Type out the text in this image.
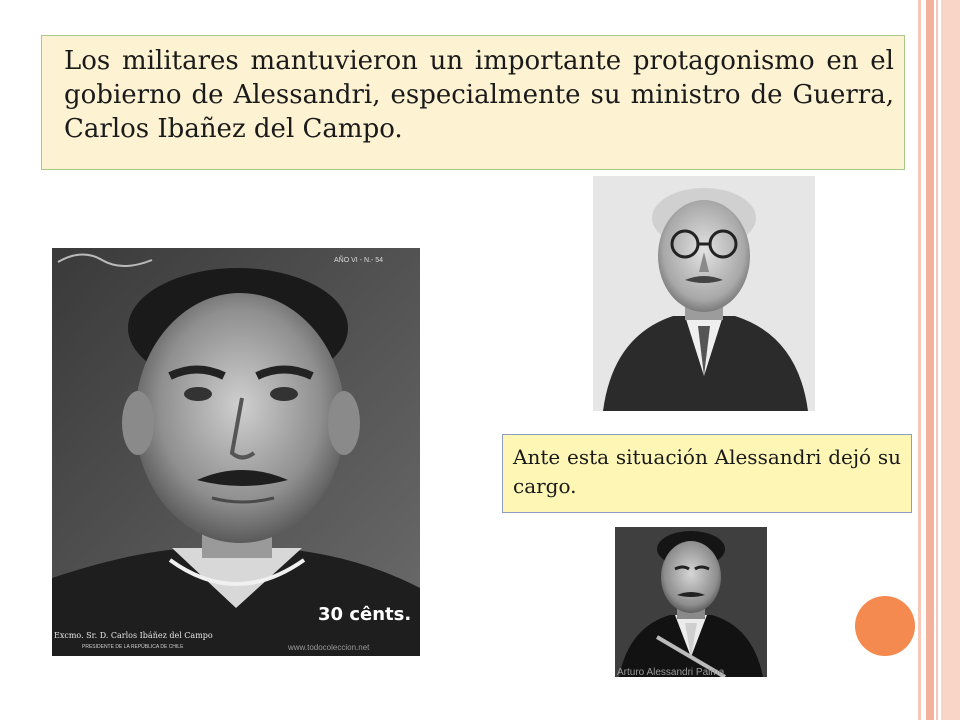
Los militares mantuvieron un importante protagonismo en el gobierno de Alessandri, especialmente su ministro de Guerra, Carlos Ibañez del Campo.
AÑO VI - N.- 54
30 cênts.
Excmo. Sr. D. Carlos Ibáñez del Campo
PRESIDENTE DE LA REPÚBLICA DE CHILE	www.todocoleccion.net
Ante esta situación Alessandri dejó su cargo.
Arturo Alessandri Palma
